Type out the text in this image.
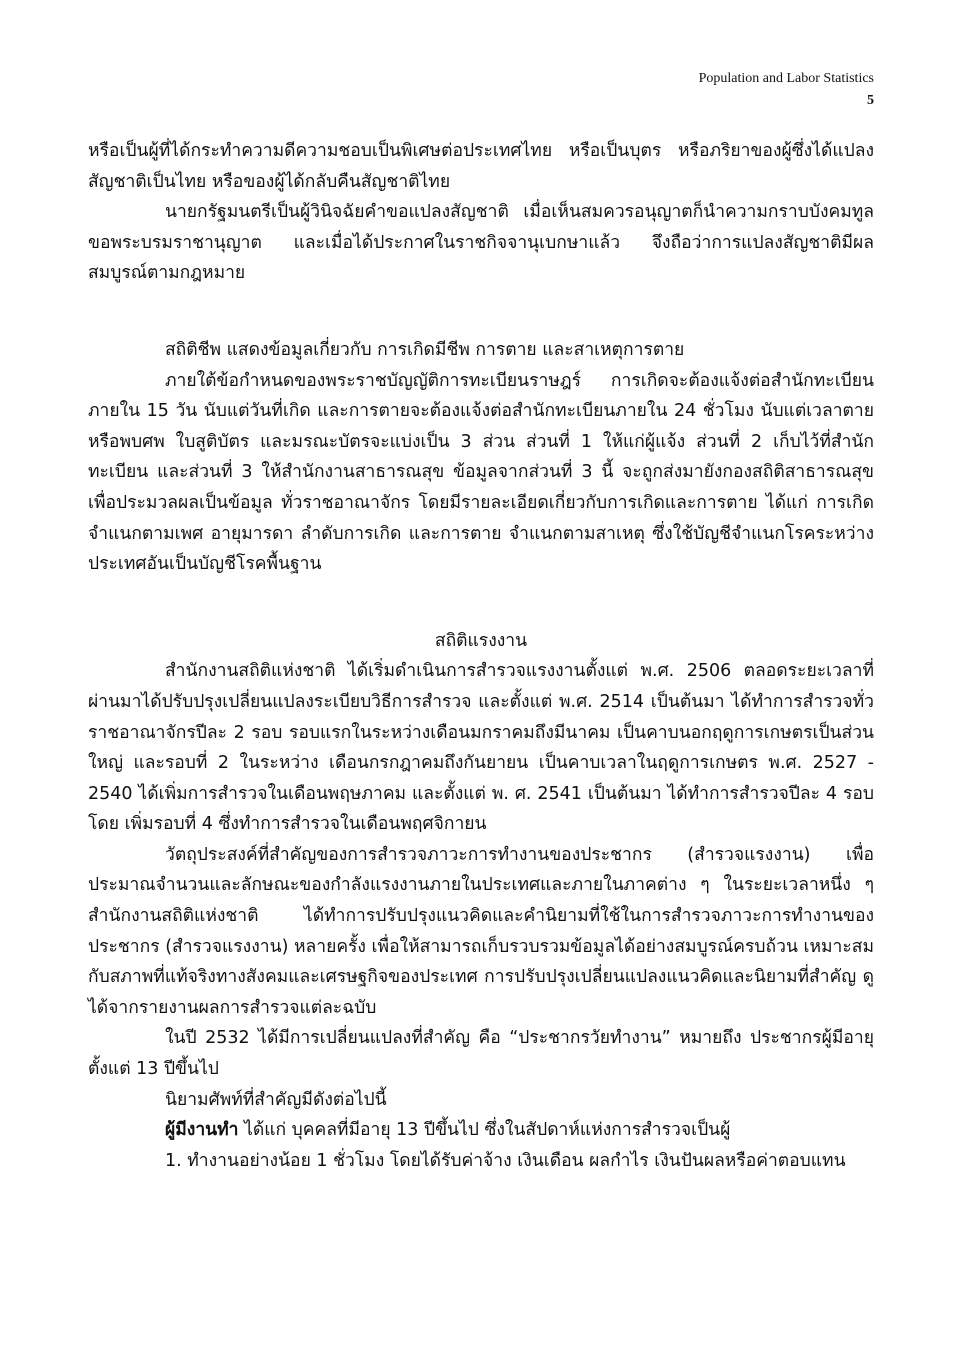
Population and Labor Statistics
5

หรือเป็นผู้ที่ได้กระทำความดีความชอบเป็นพิเศษต่อประเทศไทย หรือเป็นบุตร หรือภริยาของผู้ซึ่งได้แปลงสัญชาติเป็นไทย หรือของผู้ได้กลับคืนสัญชาติไทย

นายกรัฐมนตรีเป็นผู้วินิจฉัยคำขอแปลงสัญชาติ เมื่อเห็นสมควรอนุญาตก็นำความกราบบังคมทูลขอพระบรมราชานุญาต และเมื่อได้ประกาศในราชกิจจานุเบกษาแล้ว จึงถือว่าการแปลงสัญชาติมีผลสมบูรณ์ตามกฎหมาย

สถิติชีพ แสดงข้อมูลเกี่ยวกับ การเกิดมีชีพ การตาย และสาเหตุการตาย

ภายใต้ข้อกำหนดของพระราชบัญญัติการทะเบียนราษฎร์ การเกิดจะต้องแจ้งต่อสำนักทะเบียนภายใน 15 วัน นับแต่วันที่เกิด และการตายจะต้องแจ้งต่อสำนักทะเบียนภายใน 24 ชั่วโมง นับแต่เวลาตายหรือพบศพ ใบสูติบัตร และมรณะบัตรจะแบ่งเป็น 3 ส่วน ส่วนที่ 1 ให้แก่ผู้แจ้ง ส่วนที่ 2 เก็บไว้ที่สำนักทะเบียน และส่วนที่ 3 ให้สำนักงานสาธารณสุข ข้อมูลจากส่วนที่ 3 นี้ จะถูกส่งมายังกองสถิติสาธารณสุขเพื่อประมวลผลเป็นข้อมูล ทั่วราชอาณาจักร โดยมีรายละเอียดเกี่ยวกับการเกิดและการตาย ได้แก่ การเกิดจำแนกตามเพศ อายุมารดา ลำดับการเกิด และการตาย จำแนกตามสาเหตุ ซึ่งใช้บัญชีจำแนกโรคระหว่างประเทศอันเป็นบัญชีโรคพื้นฐาน

สถิติแรงงาน

สำนักงานสถิติแห่งชาติ ได้เริ่มดำเนินการสำรวจแรงงานตั้งแต่ พ.ศ. 2506 ตลอดระยะเวลาที่ผ่านมาได้ปรับปรุงเปลี่ยนแปลงระเบียบวิธีการสำรวจ และตั้งแต่ พ.ศ. 2514 เป็นต้นมา ได้ทำการสำรวจทั่วราชอาณาจักรปีละ 2 รอบ รอบแรกในระหว่างเดือนมกราคมถึงมีนาคม เป็นคาบนอกฤดูการเกษตรเป็นส่วนใหญ่ และรอบที่ 2 ในระหว่าง เดือนกรกฎาคมถึงกันยายน เป็นคาบเวลาในฤดูการเกษตร พ.ศ. 2527 - 2540 ได้เพิ่มการสำรวจในเดือนพฤษภาคม และตั้งแต่ พ. ศ. 2541 เป็นต้นมา ได้ทำการสำรวจปีละ 4 รอบโดย เพิ่มรอบที่ 4 ซึ่งทำการสำรวจในเดือนพฤศจิกายน

วัตถุประสงค์ที่สำคัญของการสำรวจภาวะการทำงานของประชากร (สำรวจแรงงาน) เพื่อประมาณจำนวนและลักษณะของกำลังแรงงานภายในประเทศและภายในภาคต่าง ๆ ในระยะเวลาหนึ่ง ๆ สำนักงานสถิติแห่งชาติ ได้ทำการปรับปรุงแนวคิดและคำนิยามที่ใช้ในการสำรวจภาวะการทำงานของประชากร (สำรวจแรงงาน) หลายครั้ง เพื่อให้สามารถเก็บรวบรวมข้อมูลได้อย่างสมบูรณ์ครบถ้วน เหมาะสมกับสภาพที่แท้จริงทางสังคมและเศรษฐกิจของประเทศ การปรับปรุงเปลี่ยนแปลงแนวคิดและนิยามที่สำคัญ ดูได้จากรายงานผลการสำรวจแต่ละฉบับ

ในปี 2532 ได้มีการเปลี่ยนแปลงที่สำคัญ คือ “ประชากรวัยทำงาน” หมายถึง ประชากรผู้มีอายุตั้งแต่ 13 ปีขึ้นไป

นิยามศัพท์ที่สำคัญมีดังต่อไปนี้

ผู้มีงานทำ ได้แก่ บุคคลที่มีอายุ 13 ปีขึ้นไป ซึ่งในสัปดาห์แห่งการสำรวจเป็นผู้

1. ทำงานอย่างน้อย 1 ชั่วโมง โดยได้รับค่าจ้าง เงินเดือน ผลกำไร เงินปันผลหรือค่าตอบแทน
